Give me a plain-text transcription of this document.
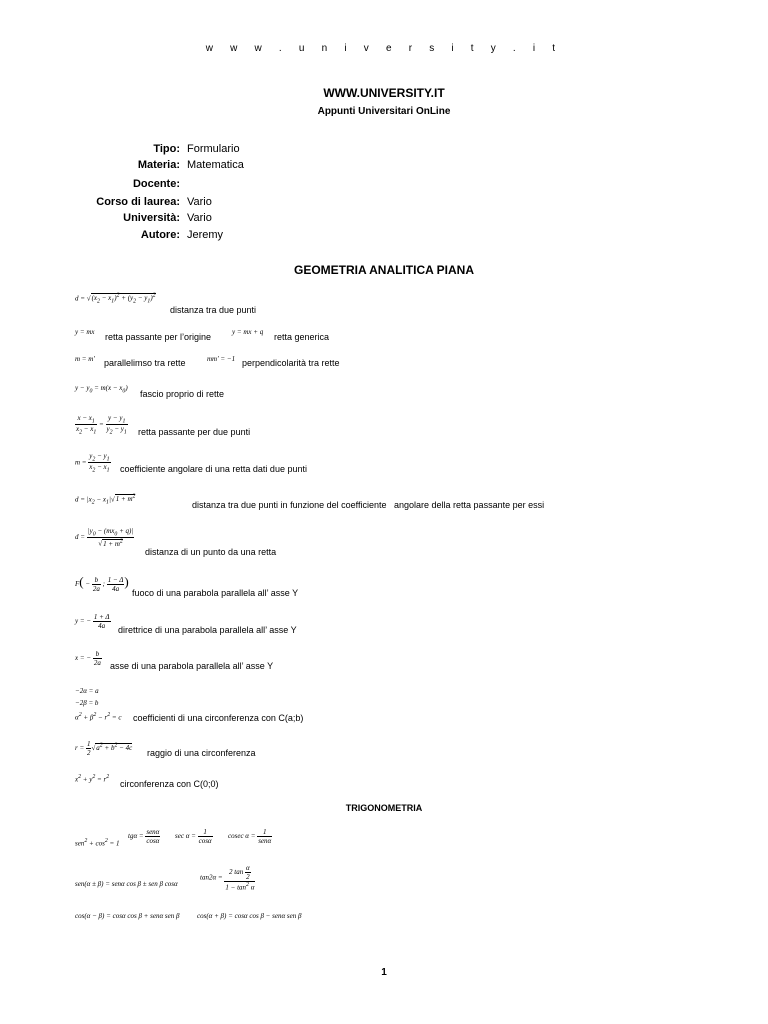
w w w . u n i v e r s i t y . i t
WWW.UNIVERSITY.IT
Appunti Universitari OnLine
Tipo: Formulario
Materia: Matematica
Docente:
Corso di laurea: Vario
Università: Vario
Autore: Jeremy
GEOMETRIA ANALITICA PIANA
$d = √(x_2 - x_1)^2 + (y_2 - y_1)^2$
distanza tra due punti
y = mx retta passante per l’origine	y = mx + q retta generica
m = m′ parallelimso tra rette	mm′ = −1 perpendicolarità tra rette
$y - y_0 = m(x - x_0)$
fascio proprio di rette
$\frac{x - x_1}{x_2 - x_1} = \frac{y - y_1}{y_2 - y_1}$ retta passante per due punti
$m = \frac{y_2 - y_1}{x_2 - x_1}$ coefficiente angolare di una retta dati due punti
$d = |x_2 - x_1|√1 + m^2$
distanza tra due punti in funzione del coefficiente angolare della retta passante per essi
$d = \frac{|y_0 - (mx_0 + q)|}{√1 + m^2}$
distanza di un punto da una retta
$F( - \frac{b}{2a}$ ; $\frac{1 - \Delta}{4a}$ )
fuoco di una parabola parallela all’ asse Y
y = − $\frac{1 + \Delta}{4a}$ direttrice di una parabola parallela all’ asse Y
x = − $\frac{b}{2a}$ asse di una parabola parallela all’ asse Y
−2α = a
−2β = b
$\alpha^2 + \beta^2 - r^2 = c$ coefficienti di una circonferenza con C(a;b)
$r = \frac{1}{2} √a^2 + b^2 - 4c$ raggio di una circonferenza
$x^2 + y^2 = r^2$
circonferenza con C(0;0)
TRIGONOMETRIA
$sen^2 + \cos^2 = 1$
tgα =
senα
cosα
$\sec \alpha = \frac{1}{\cos\alpha}$ cosec α =
1
senα
sen(α ± β) = senα cos β ± sen β cosα
$\tan 2\alpha = \frac{2 \tan \frac{\alpha}{2}}{1 - \tan^2 \alpha}$
cos(α − β) = cosα cos β + senα sen β	cos(α + β) = cosα cos β − senα sen β
1
